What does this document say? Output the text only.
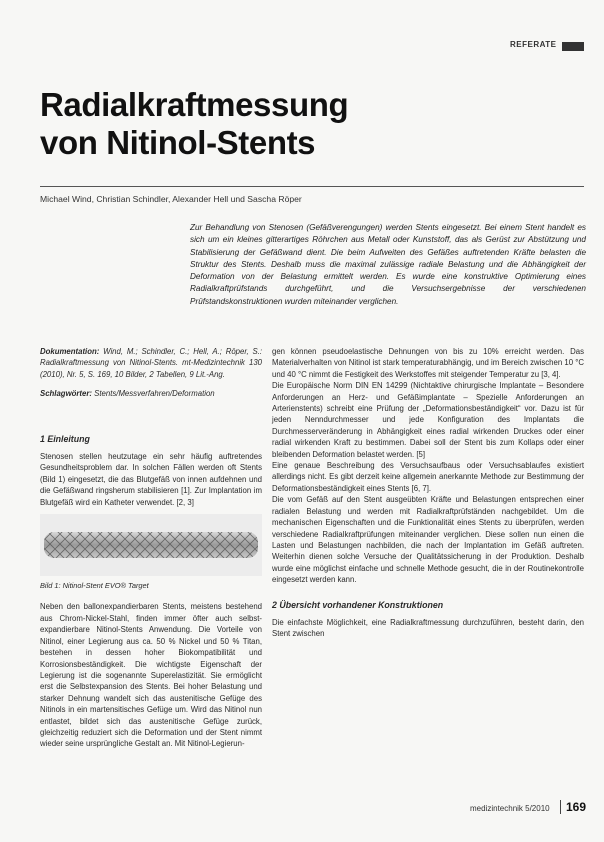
REFERATE
Radialkraftmessung von Nitinol-Stents
Michael Wind, Christian Schindler, Alexander Hell und Sascha Röper
Zur Behandlung von Stenosen (Gefäßverengungen) werden Stents eingesetzt. Bei einem Stent handelt es sich um ein kleines gitterartiges Röhrchen aus Metall oder Kunststoff, das als Gerüst zur Abstützung und Stabilisierung der Gefäßwand dient. Die beim Aufweiten des Gefäßes auftretenden Kräfte belasten die Struktur des Stents. Deshalb muss die maximal zulässige radiale Belastung und die Abhängigkeit der Deformation von der Belastung ermittelt werden. Es wurde eine konstruktive Optimierung eines Radialkraftprüfstands durchgeführt, und die Versuchsergebnisse der verschiedenen Prüfstandskonstruktionen wurden miteinander verglichen.

Dokumentation: Wind, M.; Schindler, C.; Hell, A.; Röper, S.: Radialkraftmessung von Nitinol-Stents. mt-Medizintechnik 130 (2010), Nr. 5, S. 169, 10 Bilder, 2 Tabellen, 9 Lit.-Ang.

Schlagwörter: Stents/Messverfahren/Deformation

1 Einleitung

Stenosen stellen heutzutage ein sehr häufig auftretendes Gesundheitsproblem dar. In solchen Fällen werden oft Stents (Bild 1) eingesetzt, die das Blutgefäß von innen aufdehnen und die Gefäßwand ringsherum stabilisieren [1]. Zur Implantation im Blutgefäß wird ein Katheter verwendet. [2, 3]

Bild 1: Nitinol-Stent EVO® Target

Neben den ballonexpandierbaren Stents, meistens bestehend aus Chrom-Nickel-Stahl, finden immer öfter auch selbst-expandierbare Nitinol-Stents Anwendung. Die Vorteile von Nitinol, einer Legierung aus ca. 50 % Nickel und 50 % Titan, bestehen in dessen hoher Biokompatibilität und Korrosionsbeständigkeit. Die wichtigste Eigenschaft der Legierung ist die sogenannte Superelastizität. Sie ermöglicht erst die Selbstexpansion des Stents. Bei hoher Belastung und starker Dehnung wandelt sich das austenitische Gefüge des Nitinols in ein martensitisches Gefüge um. Wird das Nitinol nun entlastet, bildet sich das austenitische Gefüge zurück, gleichzeitig reduziert sich die Deformation und der Stent nimmt wieder seine ursprüngliche Gestalt an. Mit Nitinol-Legierun-

gen können pseudoelastische Dehnungen von bis zu 10% erreicht werden. Das Materialverhalten von Nitinol ist stark temperaturabhängig, und im Bereich zwischen 10 °C und 40 °C nimmt die Festigkeit des Werkstoffes mit steigender Temperatur zu [3, 4].

Die Europäische Norm DIN EN 14299 (Nichtaktive chirurgische Implantate – Besondere Anforderungen an Herz- und Gefäßimplantate – Spezielle Anforderungen an Arterienstents) schreibt eine Prüfung der „Deformationsbeständigkeit“ vor. Dazu ist für jeden Nenndurchmesser und jede Konfiguration des Implantats die Durchmesserveränderung in Abhängigkeit eines radial wirkenden Druckes oder einer radial wirkenden Kraft zu bestimmen. Dabei soll der Stent bis zum Kollaps oder einer bleibenden Deformation belastet werden. [5]

Eine genaue Beschreibung des Versuchsaufbaus oder Versuchsablaufes existiert allerdings nicht. Es gibt derzeit keine allgemein anerkannte Methode zur Bestimmung der Deformationsbeständigkeit eines Stents [6, 7].

Die vom Gefäß auf den Stent ausgeübten Kräfte und Belastungen entsprechen einer radialen Belastung und werden mit Radialkraftprüfständen nachgebildet. Um die mechanischen Eigenschaften und die Funktionalität eines Stents zu überprüfen, werden verschiedene Radialkraftprüfungen miteinander verglichen. Diese sollen nun einen die Lasten und Belastungen nachbilden, die nach der Implantation im Gefäß auftreten. Weiterhin dienen solche Versuche der Qualitätssicherung in der Produktion. Deshalb wurde eine möglichst einfache und schnelle Methode gesucht, die in der Routinekontrolle eingesetzt werden kann.

2 Übersicht vorhandener Konstruktionen

Die einfachste Möglichkeit, eine Radialkraftmessung durchzuführen, besteht darin, den Stent zwischen

medizintechnik 5/2010 169
